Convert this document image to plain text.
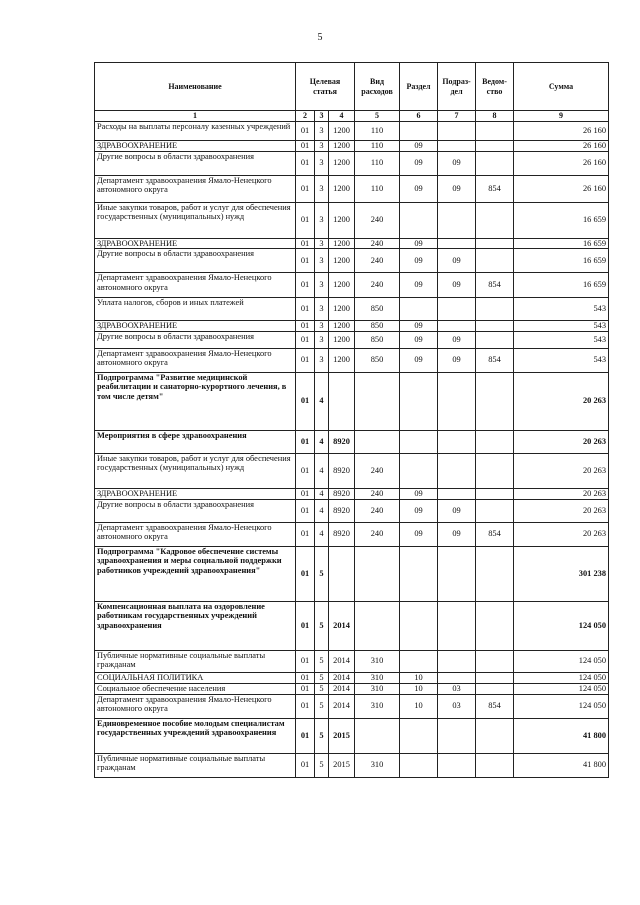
5
Наименование	Целевая статья			Вид расходов	Раздел	Подраз-дел	Ведом-ство	Сумма
1	2	3	4	5	6	7	8	9
Расходы на выплаты персоналу казенных учреждений	01	3	1200	110				26 160
ЗДРАВООХРАНЕНИЕ	01	3	1200	110	09			26 160
Другие вопросы в области здравоохранения	01	3	1200	110	09	09		26 160
Департамент здравоохранения Ямало-Ненецкого автономного округа	01	3	1200	110	09	09	854	26 160
Иные закупки товаров, работ и услуг для обеспечения государственных (муниципальных) нужд	01	3	1200	240				16 659
ЗДРАВООХРАНЕНИЕ	01	3	1200	240	09			16 659
Другие вопросы в области здравоохранения	01	3	1200	240	09	09		16 659
Департамент здравоохранения Ямало-Ненецкого автономного округа	01	3	1200	240	09	09	854	16 659
Уплата налогов, сборов и иных платежей	01	3	1200	850				543
ЗДРАВООХРАНЕНИЕ	01	3	1200	850	09			543
Другие вопросы в области здравоохранения	01	3	1200	850	09	09		543
Департамент здравоохранения Ямало-Ненецкого автономного округа	01	3	1200	850	09	09	854	543
Подпрограмма "Развитие медицинской реабилитации и санаторно-курортного лечения, в том числе детям"	01	4						20 263
Мероприятия в сфере здравоохранения	01	4	8920					20 263
Иные закупки товаров, работ и услуг для обеспечения государственных (муниципальных) нужд	01	4	8920	240				20 263
ЗДРАВООХРАНЕНИЕ	01	4	8920	240	09			20 263
Другие вопросы в области здравоохранения	01	4	8920	240	09	09		20 263
Департамент здравоохранения Ямало-Ненецкого автономного округа	01	4	8920	240	09	09	854	20 263
Подпрограмма "Кадровое обеспечение системы здравоохранения и меры социальной поддержки работников учреждений здравоохранения"	01	5						301 238
Компенсационная выплата на оздоровление работникам государственных учреждений здравоохранения	01	5	2014					124 050
Публичные нормативные социальные выплаты гражданам	01	5	2014	310				124 050
СОЦИАЛЬНАЯ ПОЛИТИКА	01	5	2014	310	10			124 050
Социальное обеспечение населения	01	5	2014	310	10	03		124 050
Департамент здравоохранения Ямало-Ненецкого автономного округа	01	5	2014	310	10	03	854	124 050
Единовременное пособие молодым специалистам государственных учреждений здравоохранения	01	5	2015					41 800
Публичные нормативные социальные выплаты гражданам	01	5	2015	310				41 800
